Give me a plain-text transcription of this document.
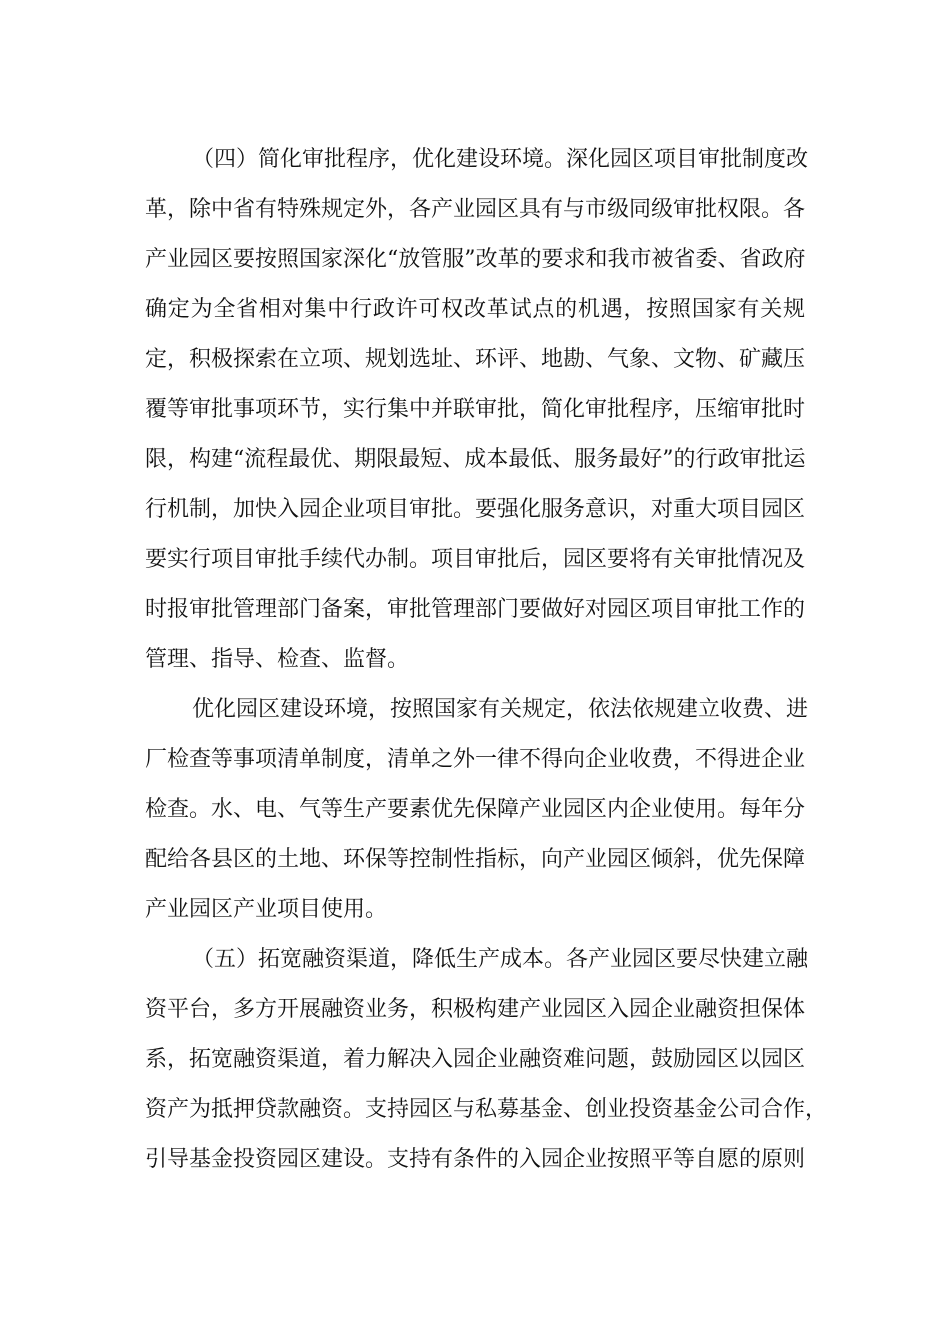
（四）简化审批程序，优化建设环境。深化园区项目审批制度改
革，除中省有特殊规定外，各产业园区具有与市级同级审批权限。各
产业园区要按照国家深化“放管服”改革的要求和我市被省委、省政府
确定为全省相对集中行政许可权改革试点的机遇，按照国家有关规
定，积极探索在立项、规划选址、环评、地勘、气象、文物、矿藏压
覆等审批事项环节，实行集中并联审批，简化审批程序，压缩审批时
限，构建“流程最优、期限最短、成本最低、服务最好”的行政审批运
行机制，加快入园企业项目审批。要强化服务意识，对重大项目园区
要实行项目审批手续代办制。项目审批后，园区要将有关审批情况及
时报审批管理部门备案，审批管理部门要做好对园区项目审批工作的
管理、指导、检查、监督。
优化园区建设环境，按照国家有关规定，依法依规建立收费、进
厂检查等事项清单制度，清单之外一律不得向企业收费，不得进企业
检查。水、电、气等生产要素优先保障产业园区内企业使用。每年分
配给各县区的土地、环保等控制性指标，向产业园区倾斜，优先保障
产业园区产业项目使用。
（五）拓宽融资渠道，降低生产成本。各产业园区要尽快建立融
资平台，多方开展融资业务，积极构建产业园区入园企业融资担保体
系，拓宽融资渠道，着力解决入园企业融资难问题，鼓励园区以园区
资产为抵押贷款融资。支持园区与私募基金、创业投资基金公司合作，
引导基金投资园区建设。支持有条件的入园企业按照平等自愿的原则
